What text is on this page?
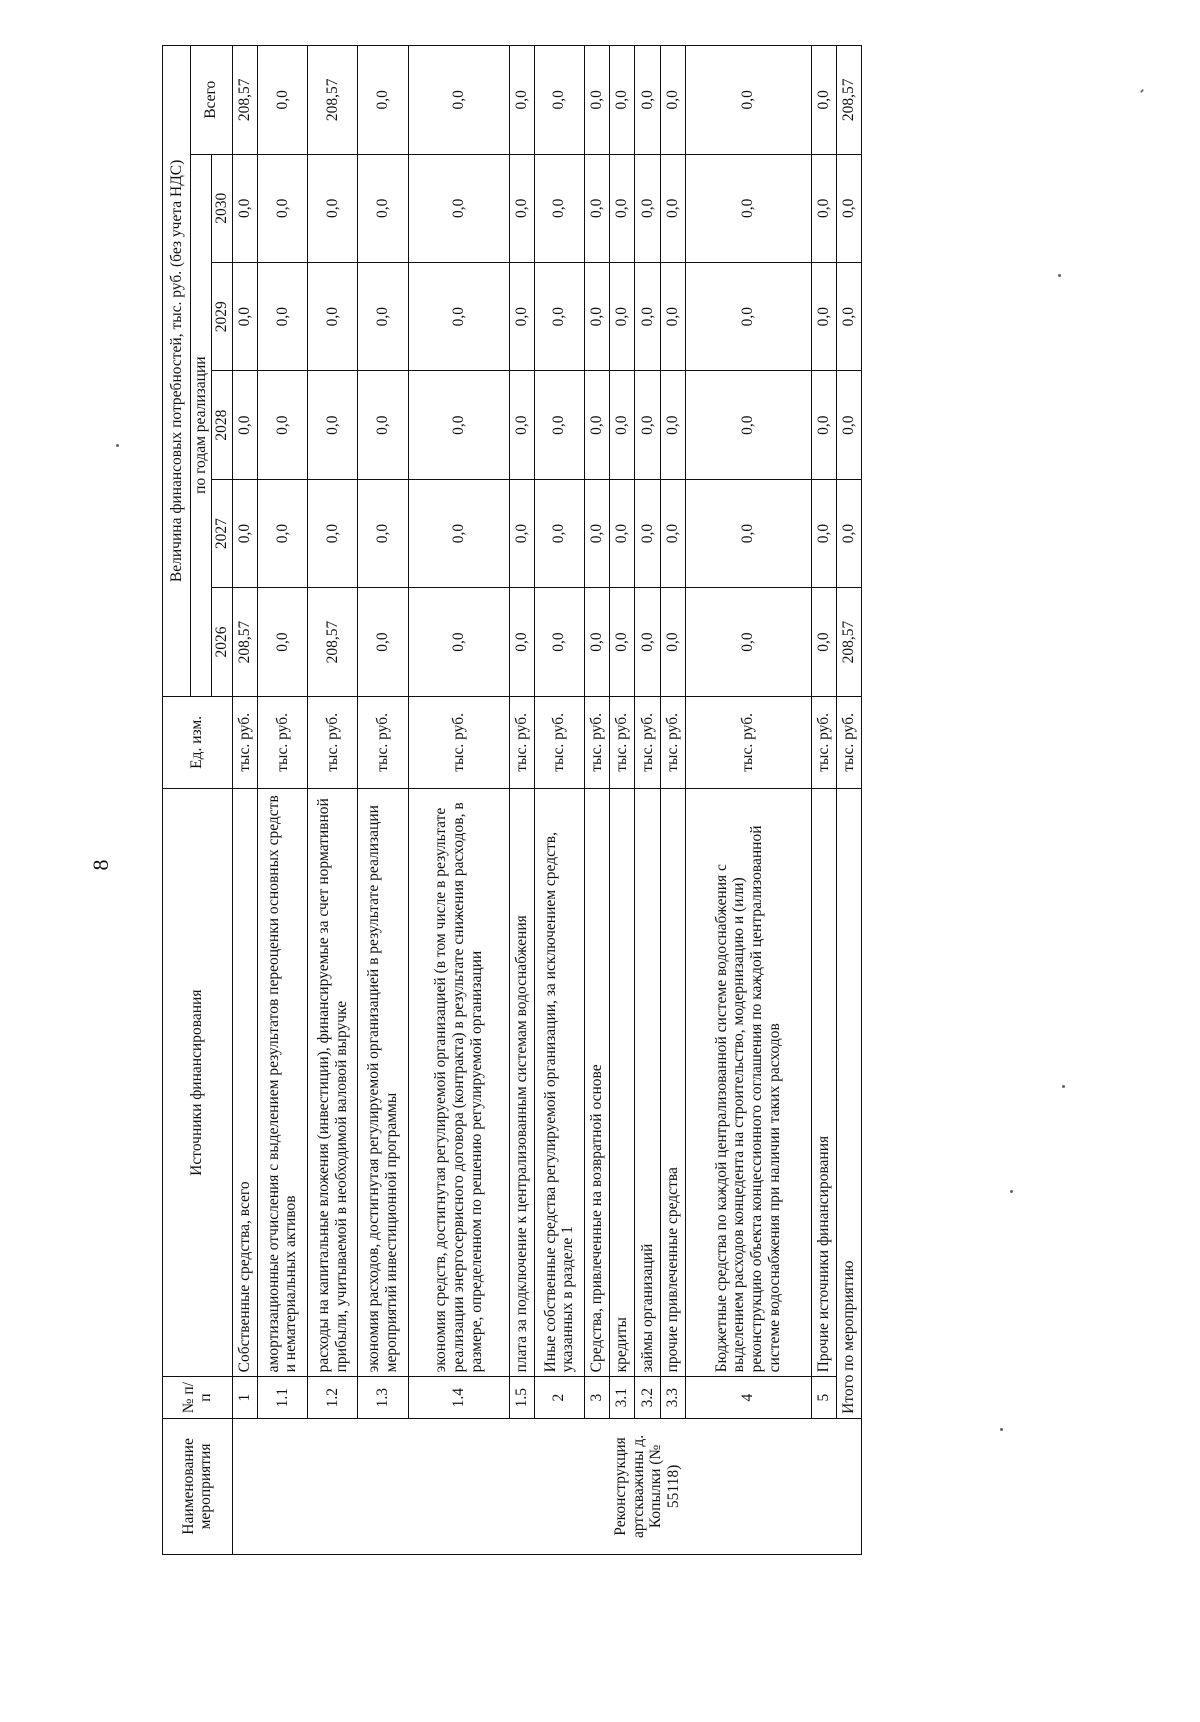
8
Наименование мероприятия	№ п/п	Источники финансирования	Ед. изм.	Величина финансовых потребностей, тыс. руб. (без учета НДС)					
				по годам реализации					Всего
				2026	2027	2028	2029	2030	
Реконструкция артскважины д. Копылки (№ 55118)	1	Собственные средства, всего	тыс. руб.	208,57	0,0	0,0	0,0	0,0	208,57
	1.1	амортизационные отчисления с выделением результатов переоценки основных средств и нематериальных активов	тыс. руб.	0,0	0,0	0,0	0,0	0,0	0,0
	1.2	расходы на капитальные вложения (инвестиции), финансируемые за счет нормативной прибыли, учитываемой в необходимой валовой выручке	тыс. руб.	208,57	0,0	0,0	0,0	0,0	208,57
	1.3	экономия расходов, достигнутая регулируемой организацией в результате реализации мероприятий инвестиционной программы	тыс. руб.	0,0	0,0	0,0	0,0	0,0	0,0
	1.4	экономия средств, достигнутая регулируемой организацией (в том числе в результате реализации энергосервисного договора (контракта) в результате снижения расходов, в размере, определенном по решению регулируемой организации	тыс. руб.	0,0	0,0	0,0	0,0	0,0	0,0
	1.5	плата за подключение к централизованным системам водоснабжения	тыс. руб.	0,0	0,0	0,0	0,0	0,0	0,0
	2	Иные собственные средства регулируемой организации, за исключением средств, указанных в разделе 1	тыс. руб.	0,0	0,0	0,0	0,0	0,0	0,0
	3	Средства, привлеченные на возвратной основе	тыс. руб.	0,0	0,0	0,0	0,0	0,0	0,0
	3.1	кредиты	тыс. руб.	0,0	0,0	0,0	0,0	0,0	0,0
	3.2	займы организаций	тыс. руб.	0,0	0,0	0,0	0,0	0,0	0,0
	3.3	прочие привлеченные средства	тыс. руб.	0,0	0,0	0,0	0,0	0,0	0,0
	4	Бюджетные средства по каждой централизованной системе водоснабжения с выделением расходов концедента на строительство, модернизацию и (или) реконструкцию объекта концессионного соглашения по каждой централизованной системе водоснабжения при наличии таких расходов	тыс. руб.	0,0	0,0	0,0	0,0	0,0	0,0
	5	Прочие источники финансирования	тыс. руб.	0,0	0,0	0,0	0,0	0,0	0,0
	Итого по мероприятию		тыс. руб.	208,57	0,0	0,0	0,0	0,0	208,57
